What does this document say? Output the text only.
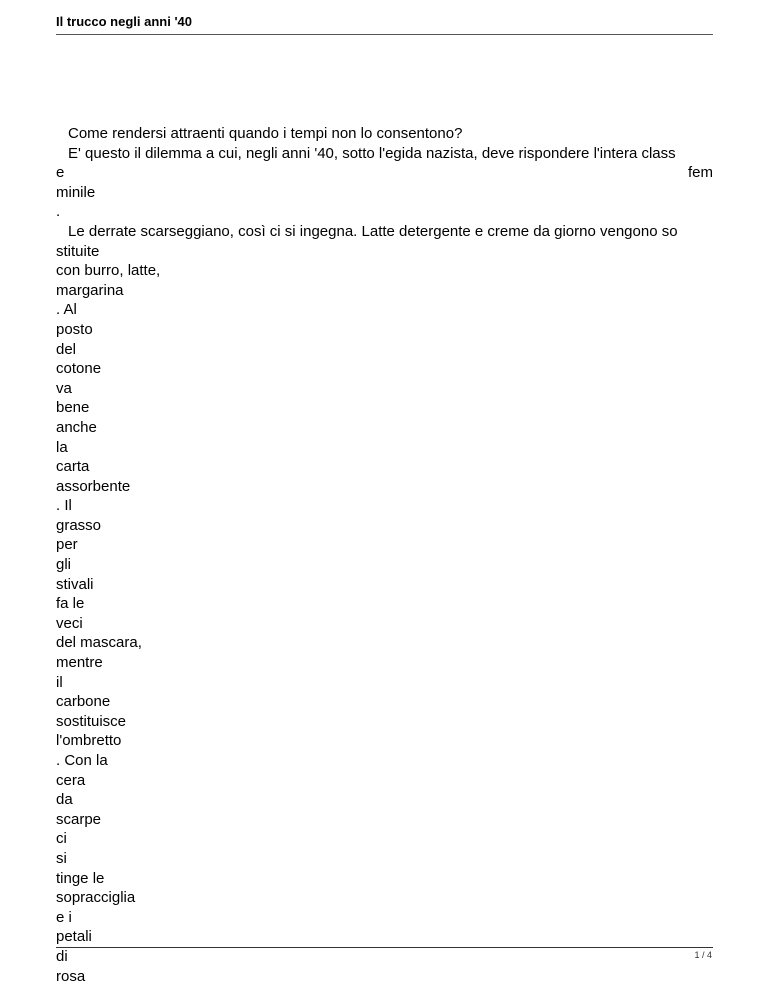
Il trucco negli anni '40
Come rendersi attraenti quando i tempi non lo consentono?
E' questo il dilemma a cui, negli anni '40, sotto l'egida nazista, deve rispondere l'intera class
e	fem
minile
.
Le derrate scarseggiano, così ci si ingegna. Latte detergente e creme da giorno vengono so
stituite
con burro, latte,
margarina
. Al
posto
del
cotone
va
bene
anche
la
carta
assorbente
. Il
grasso
per
gli
stivali
fa le
veci
del mascara,
mentre
il
carbone
sostituisce
l'ombretto
. Con la
cera
da
scarpe
ci
si
tinge le
sopracciglia
e i
petali
di
rosa
1 / 4
